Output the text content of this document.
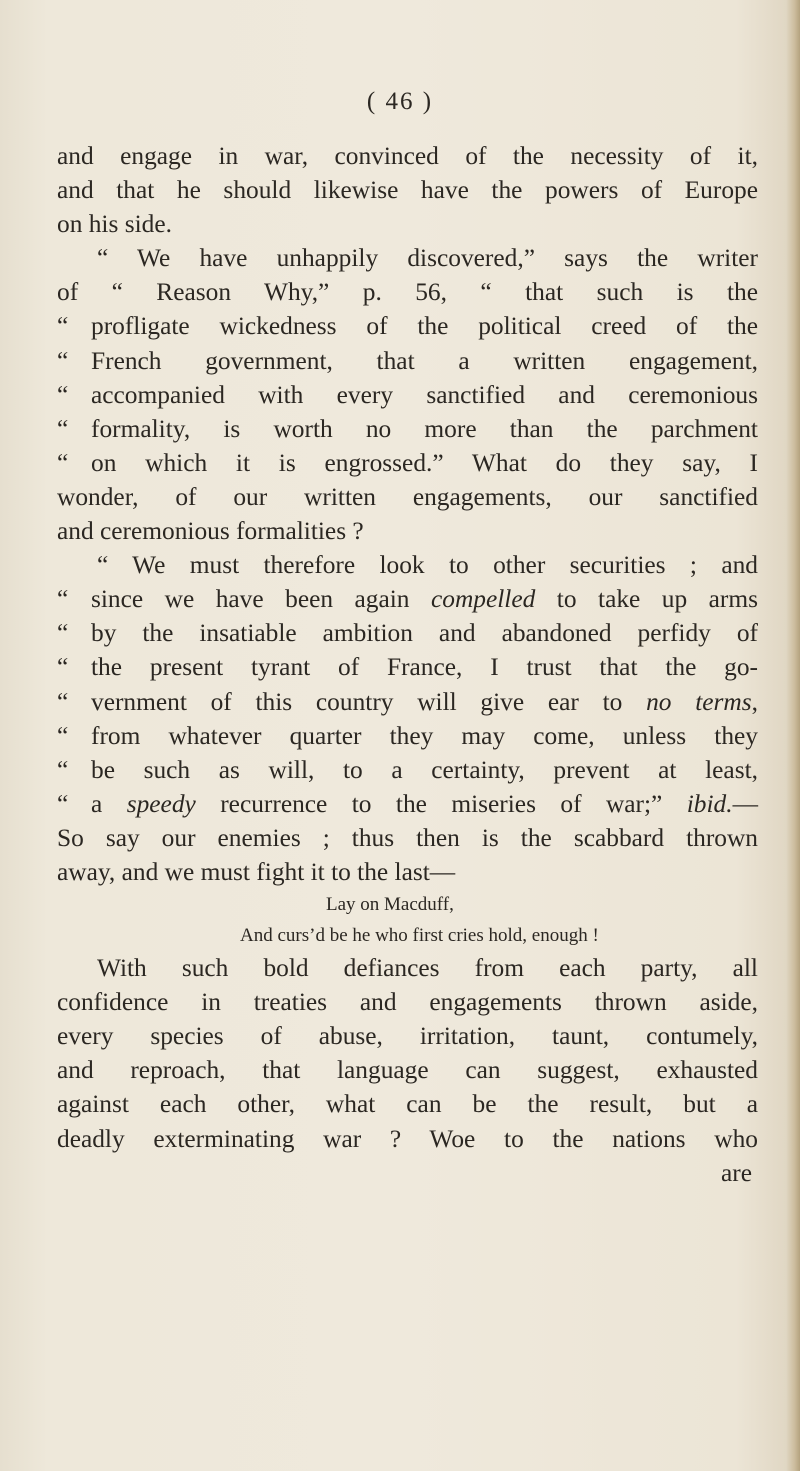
( 46 )
and engage in war, convinced of the necessity of it,
and that he should likewise have the powers of Europe
on his side.
“ We have unhappily discovered,” says the writer
of “ Reason Why,” p. 56, “ that such is the
“ profligate wickedness of the political creed of the
“ French government, that a written engagement,
“ accompanied with every sanctified and ceremonious
“ formality, is worth no more than the parchment
“ on which it is engrossed.” What do they say, I
wonder, of our written engagements, our sanctified
and ceremonious formalities ?
“ We must therefore look to other securities ; and
“ since we have been again compelled to take up arms
“ by the insatiable ambition and abandoned perfidy of
“ the present tyrant of France, I trust that the go-
“ vernment of this country will give ear to no terms,
“ from whatever quarter they may come, unless they
“ be such as will, to a certainty, prevent at least,
“ a speedy recurrence to the miseries of war;” ibid.—
So say our enemies ; thus then is the scabbard thrown
away, and we must fight it to the last—
Lay on Macduff,
And curs’d be he who first cries hold, enough !
With such bold defiances from each party, all
confidence in treaties and engagements thrown aside,
every species of abuse, irritation, taunt, contumely,
and reproach, that language can suggest, exhausted
against each other, what can be the result, but a
deadly exterminating war ? Woe to the nations who
are
